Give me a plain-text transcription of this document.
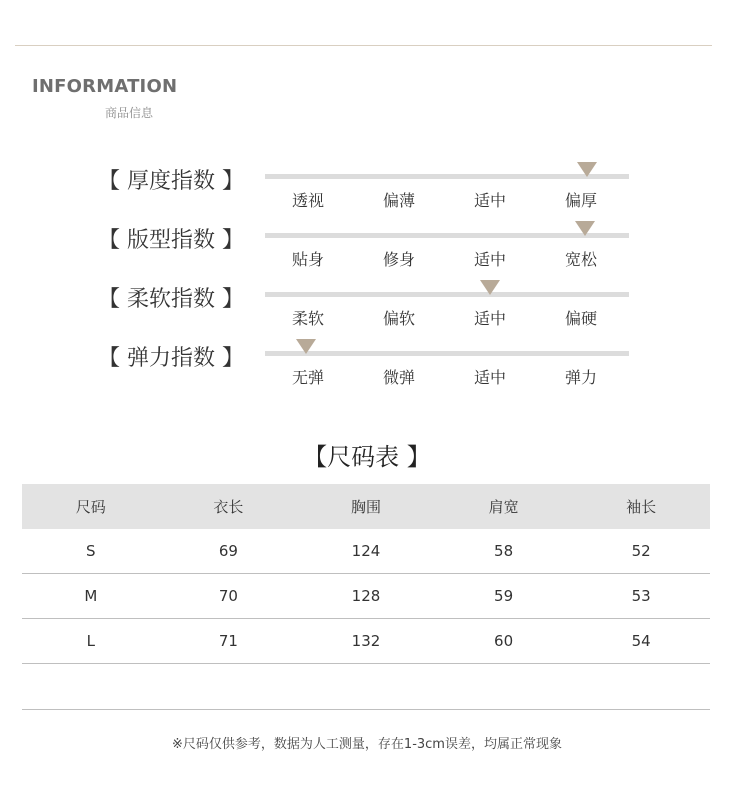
INFORMATION
商品信息
【 厚度指数 】
透视	偏薄	适中	偏厚
【 版型指数 】
贴身	修身	适中	宽松
【 柔软指数 】
柔软	偏软	适中	偏硬
【 弹力指数 】
无弹	微弹	适中	弹力
【尺码表 】
尺码	衣长	胸围	肩宽	袖长
S	69	124	58	52
M	70	128	59	53
L	71	132	60	54
※尺码仅供参考，数据为人工测量，存在1-3cm误差，均属正常现象
